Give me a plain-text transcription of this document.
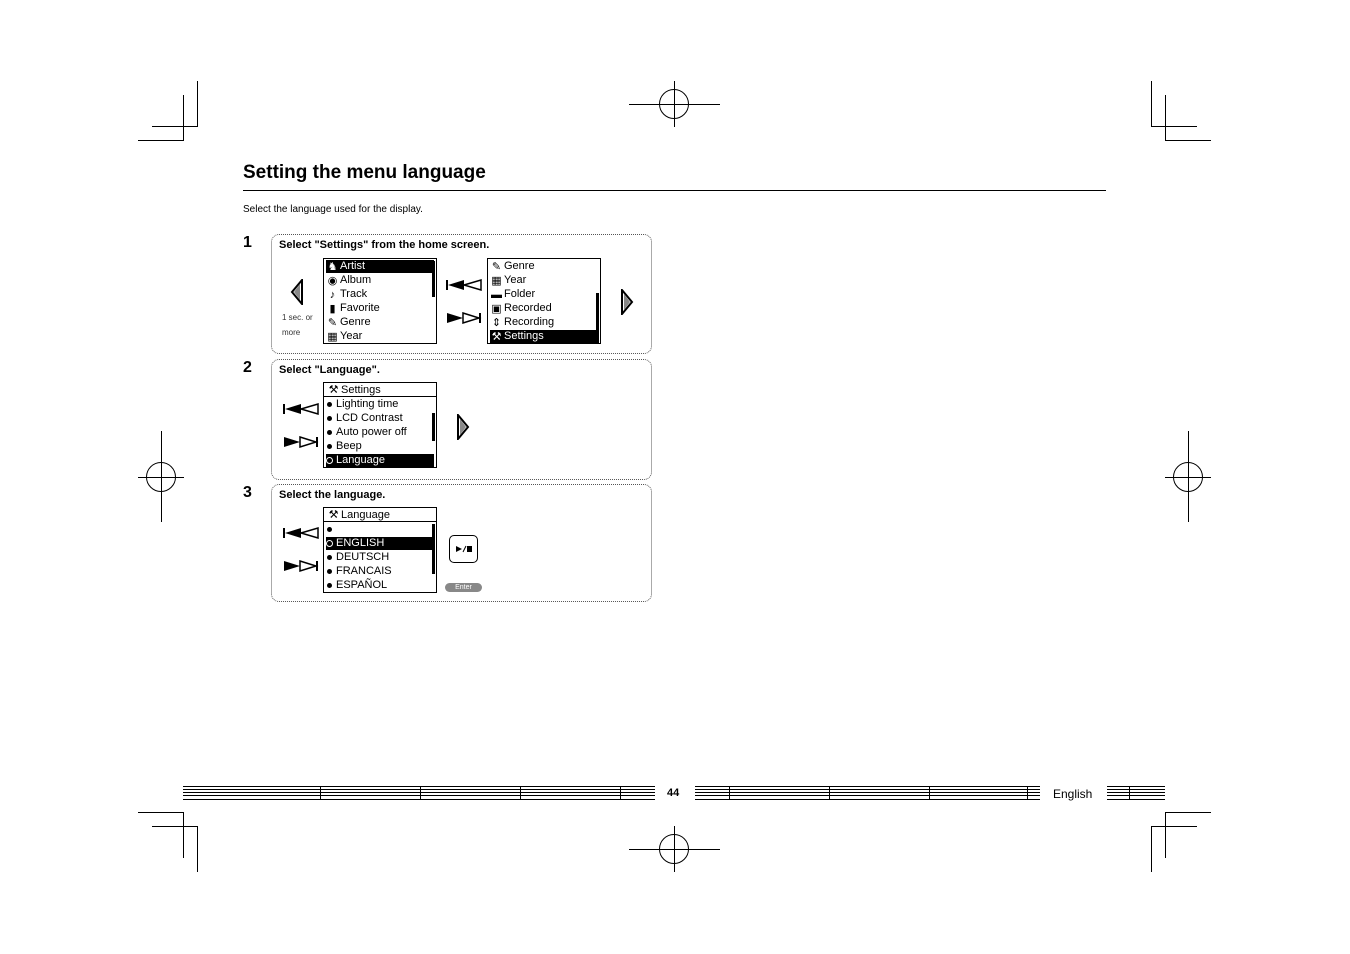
Setting the menu language

Select the language used for the display.

1 Select "Settings" from the home screen.
1 sec. or
more
♞ Artist
◉ Album
♪ Track
▮ Favorite
✎ Genre
▦ Year
✎ Genre
▦ Year
▬ Folder
▣ Recorded
⇕ Recording
⚒ Settings
2 Select "Language".
⚒ Settings
Lighting time
LCD Contrast
Auto power off
Beep
Language
3 Select the language.
⚒ Language
ENGLISH
DEUTSCH
FRANCAIS
ESPAÑOL	Enter
44	English
